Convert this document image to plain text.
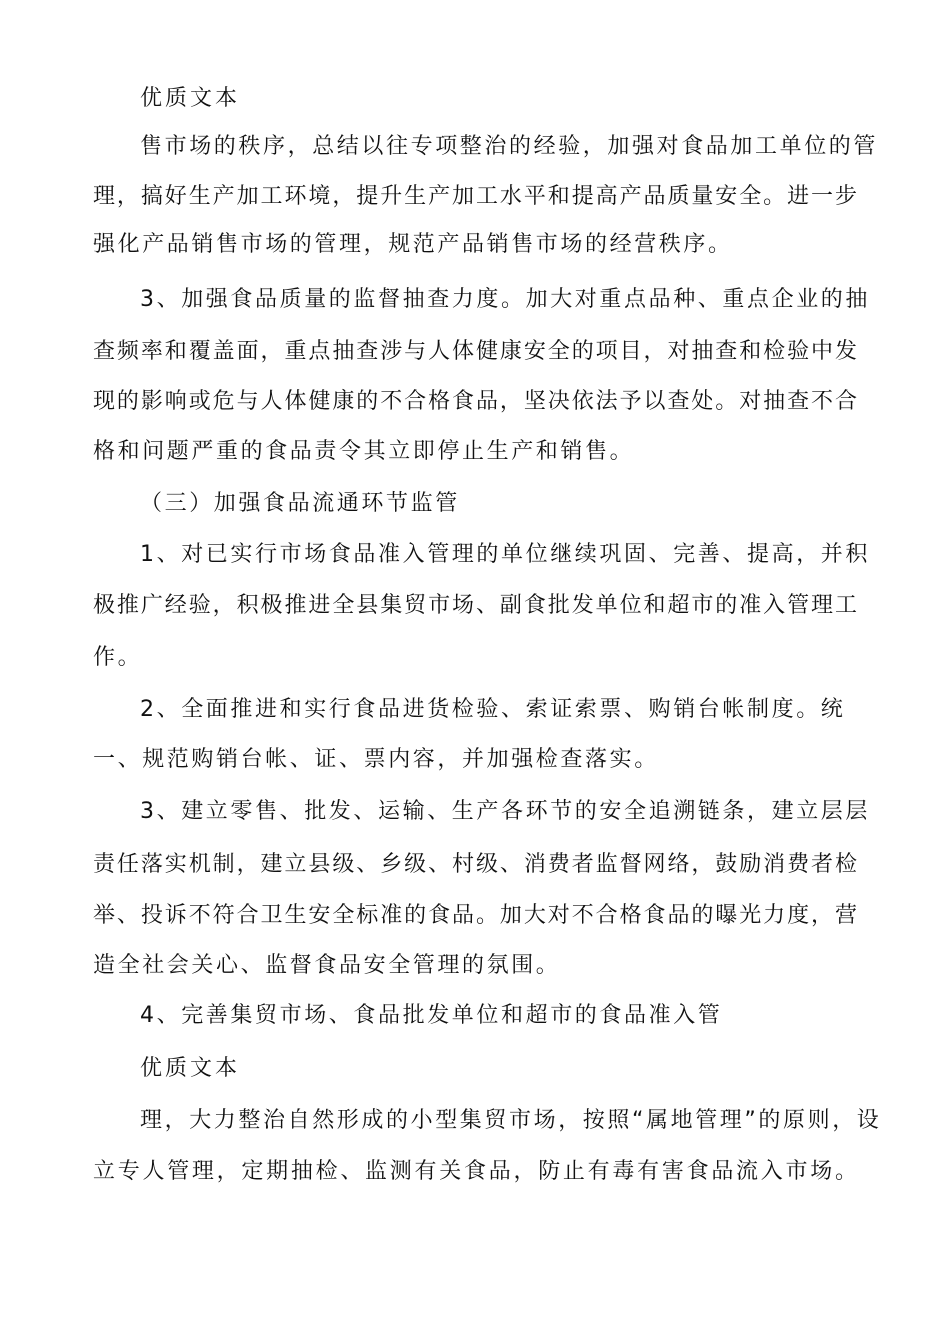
优质文本
售市场的秩序，总结以往专项整治的经验，加强对食品加工单位的管
理，搞好生产加工环境，提升生产加工水平和提高产品质量安全。进一步
强化产品销售市场的管理，规范产品销售市场的经营秩序。
3、加强食品质量的监督抽查力度。加大对重点品种、重点企业的抽
查频率和覆盖面，重点抽查涉与人体健康安全的项目，对抽查和检验中发
现的影响或危与人体健康的不合格食品，坚决依法予以查处。对抽查不合
格和问题严重的食品责令其立即停止生产和销售。
（三）加强食品流通环节监管
1、对已实行市场食品准入管理的单位继续巩固、完善、提高，并积
极推广经验，积极推进全县集贸市场、副食批发单位和超市的准入管理工
作。
2、全面推进和实行食品进货检验、索证索票、购销台帐制度。统
一、规范购销台帐、证、票内容，并加强检查落实。
3、建立零售、批发、运输、生产各环节的安全追溯链条，建立层层
责任落实机制，建立县级、乡级、村级、消费者监督网络，鼓励消费者检
举、投诉不符合卫生安全标准的食品。加大对不合格食品的曝光力度，营
造全社会关心、监督食品安全管理的氛围。
4、完善集贸市场、食品批发单位和超市的食品准入管
优质文本
理，大力整治自然形成的小型集贸市场，按照“属地管理”的原则，设
立专人管理，定期抽检、监测有关食品，防止有毒有害食品流入市场。
